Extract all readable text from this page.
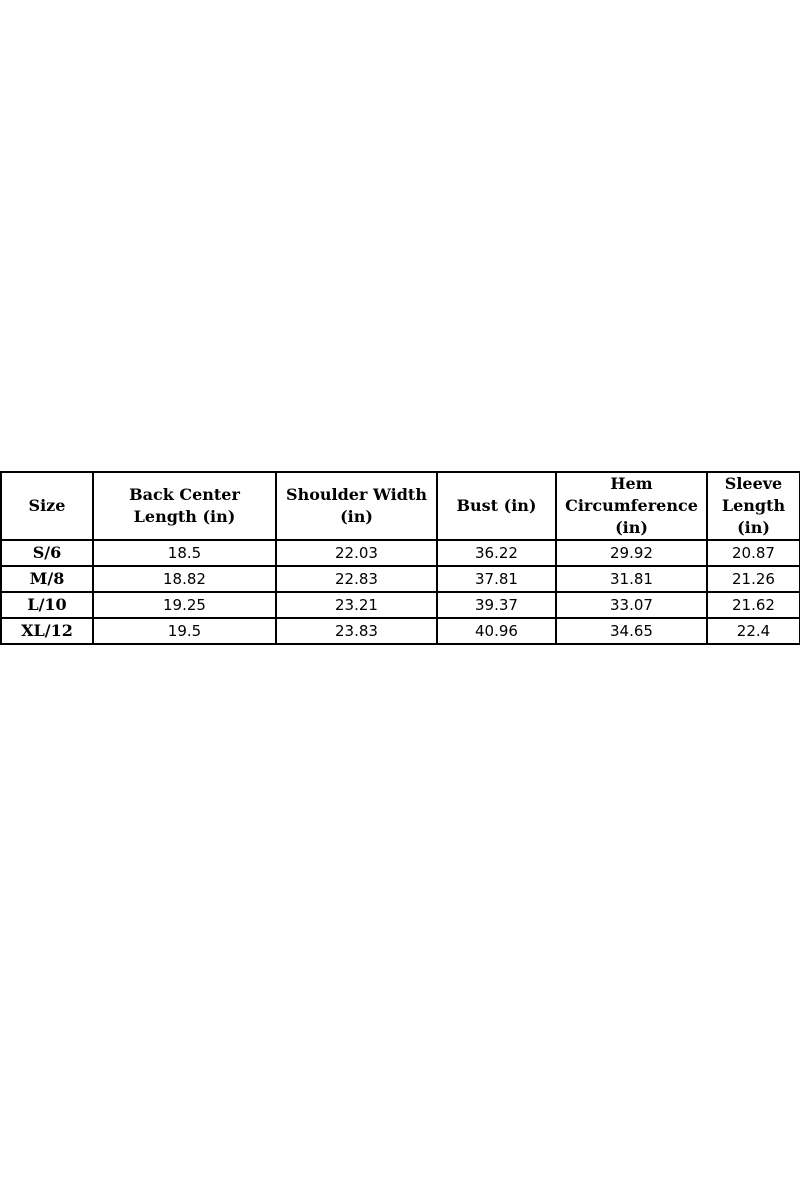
Size	Back Center Length (in)	Shoulder Width (in)	Bust (in)	Hem Circumference (in)	Sleeve Length (in)
S/6	18.5	22.03	36.22	29.92	20.87
M/8	18.82	22.83	37.81	31.81	21.26
L/10	19.25	23.21	39.37	33.07	21.62
XL/12	19.5	23.83	40.96	34.65	22.4
